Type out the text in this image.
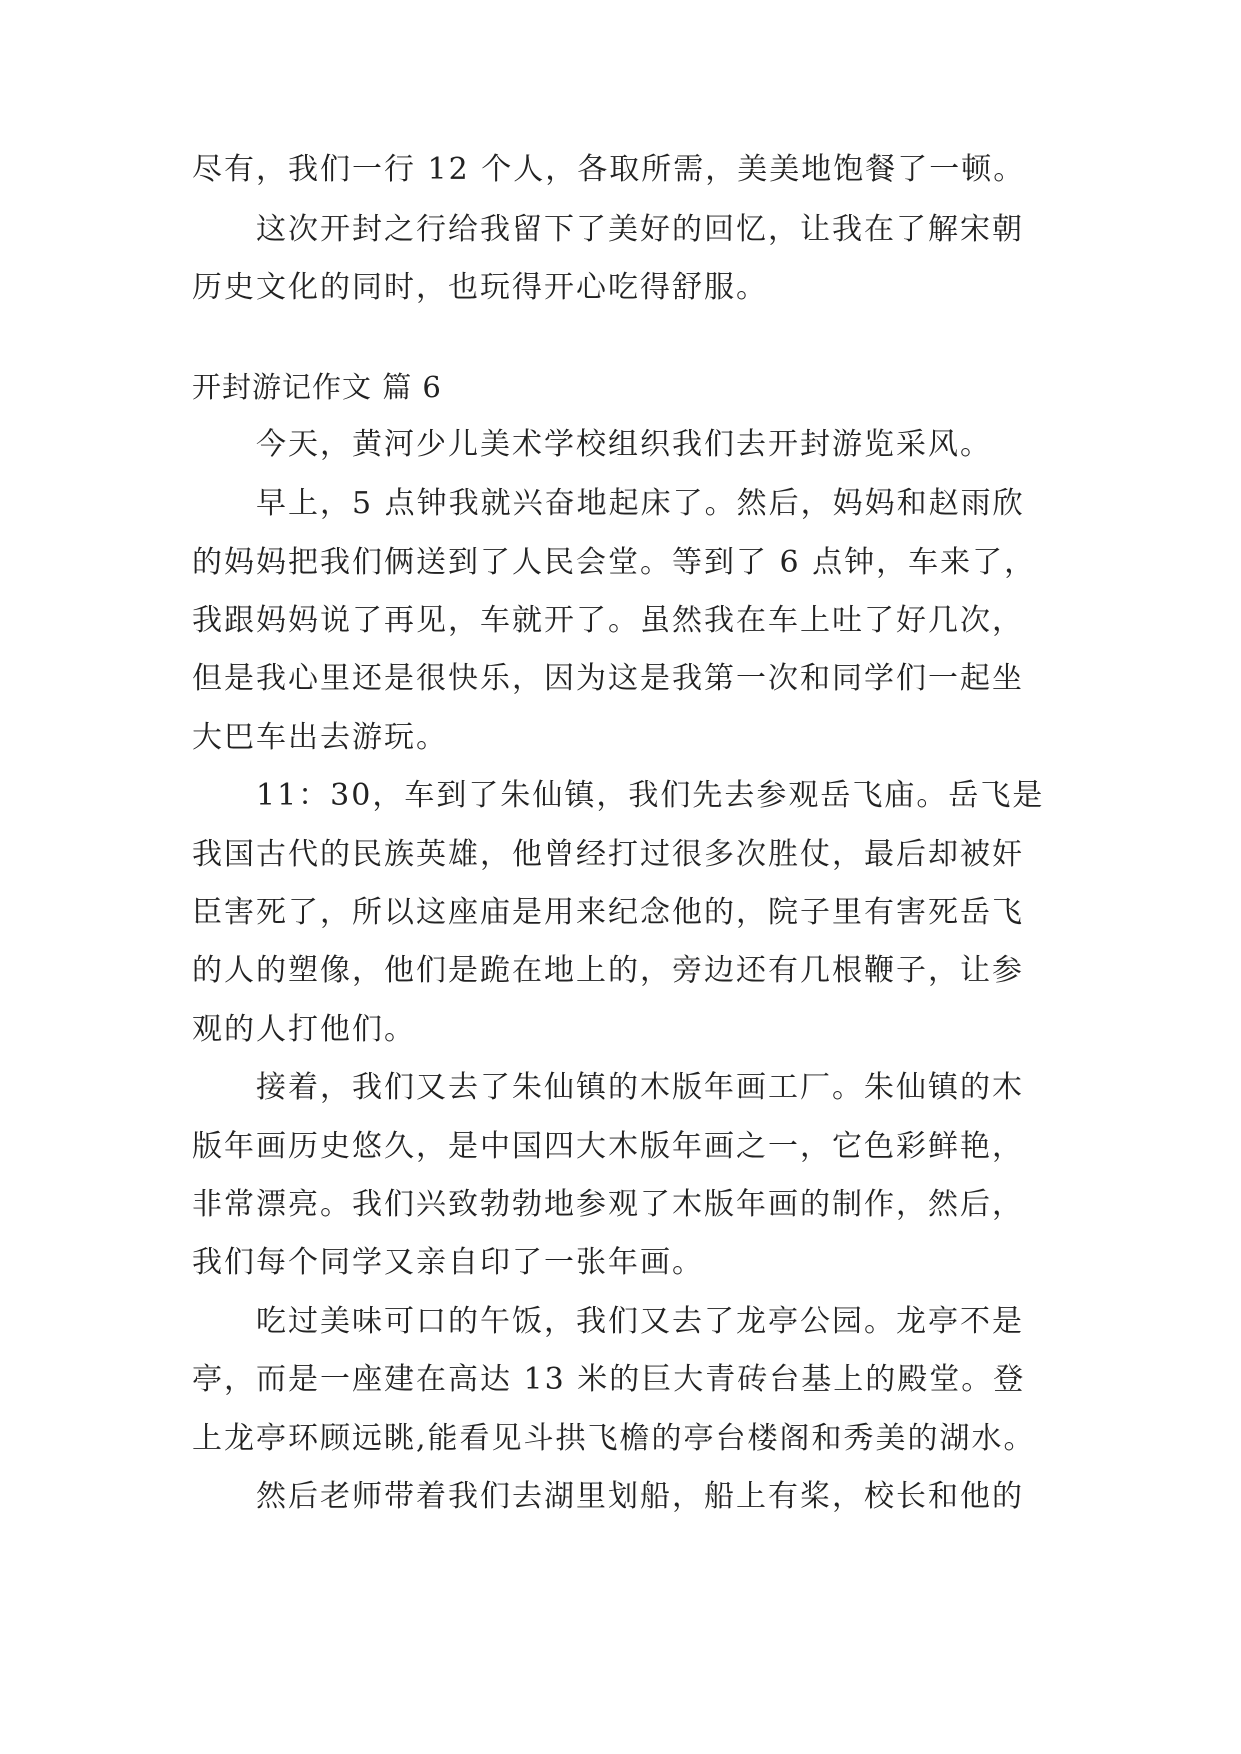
尽有，我们一行 12 个人，各取所需，美美地饱餐了一顿。
这次开封之行给我留下了美好的回忆，让我在了解宋朝
历史文化的同时，也玩得开心吃得舒服。
开封游记作文 篇 6
今天，黄河少儿美术学校组织我们去开封游览采风。
早上，5 点钟我就兴奋地起床了。然后，妈妈和赵雨欣
的妈妈把我们俩送到了人民会堂。等到了 6 点钟，车来了，
我跟妈妈说了再见，车就开了。虽然我在车上吐了好几次，
但是我心里还是很快乐，因为这是我第一次和同学们一起坐
大巴车出去游玩。
11：30，车到了朱仙镇，我们先去参观岳飞庙。岳飞是
我国古代的民族英雄，他曾经打过很多次胜仗，最后却被奸
臣害死了，所以这座庙是用来纪念他的，院子里有害死岳飞
的人的塑像，他们是跪在地上的，旁边还有几根鞭子，让参
观的人打他们。
接着，我们又去了朱仙镇的木版年画工厂。朱仙镇的木
版年画历史悠久，是中国四大木版年画之一，它色彩鲜艳，
非常漂亮。我们兴致勃勃地参观了木版年画的制作，然后，
我们每个同学又亲自印了一张年画。
吃过美味可口的午饭，我们又去了龙亭公园。龙亭不是
亭，而是一座建在高达 13 米的巨大青砖台基上的殿堂。登
上龙亭环顾远眺,能看见斗拱飞檐的亭台楼阁和秀美的湖水。
然后老师带着我们去湖里划船，船上有桨，校长和他的
